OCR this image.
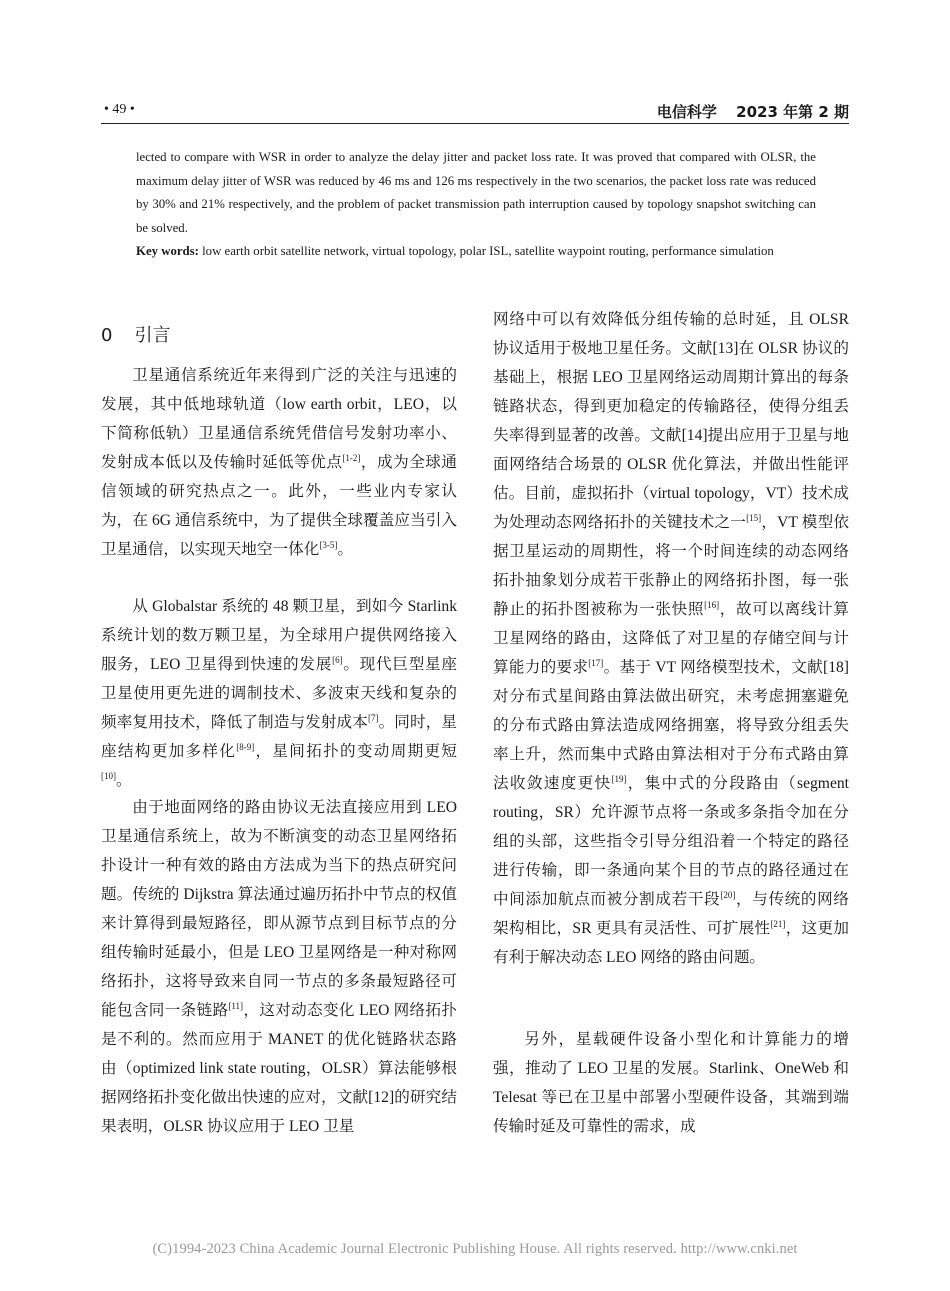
• 49 •	电信科学 2023 年第 2 期

lected to compare with WSR in order to analyze the delay jitter and packet loss rate. It was proved that compared with OLSR, the maximum delay jitter of WSR was reduced by 46 ms and 126 ms respectively in the two scenarios, the packet loss rate was reduced by 30% and 21% respectively, and the problem of packet transmission path interruption caused by topology snapshot switching can be solved.

Key words: low earth orbit satellite network, virtual topology, polar ISL, satellite waypoint routing, performance simulation

0 引言

卫星通信系统近年来得到广泛的关注与迅速的发展，其中低地球轨道（low earth orbit，LEO，以下简称低轨）卫星通信系统凭借信号发射功率小、发射成本低以及传输时延低等优点[1-2]，成为全球通信领域的研究热点之一。此外，一些业内专家认为，在 6G 通信系统中，为了提供全球覆盖应当引入卫星通信，以实现天地空一体化[3-5]。

从 Globalstar 系统的 48 颗卫星，到如今 Starlink 系统计划的数万颗卫星，为全球用户提供网络接入服务，LEO 卫星得到快速的发展[6]。现代巨型星座卫星使用更先进的调制技术、多波束天线和复杂的频率复用技术，降低了制造与发射成本[7]。同时，星座结构更加多样化[8-9]，星间拓扑的变动周期更短[10]。

由于地面网络的路由协议无法直接应用到 LEO 卫星通信系统上，故为不断演变的动态卫星网络拓扑设计一种有效的路由方法成为当下的热点研究问题。传统的 Dijkstra 算法通过遍历拓扑中节点的权值来计算得到最短路径，即从源节点到目标节点的分组传输时延最小，但是 LEO 卫星网络是一种对称网络拓扑，这将导致来自同一节点的多条最短路径可能包含同一条链路[11]，这对动态变化 LEO 网络拓扑是不利的。然而应用于 MANET 的优化链路状态路由（optimized link state routing，OLSR）算法能够根据网络拓扑变化做出快速的应对，文献[12]的研究结果表明，OLSR 协议应用于 LEO 卫星

网络中可以有效降低分组传输的总时延，且 OLSR 协议适用于极地卫星任务。文献[13]在 OLSR 协议的基础上，根据 LEO 卫星网络运动周期计算出的每条链路状态，得到更加稳定的传输路径，使得分组丢失率得到显著的改善。文献[14]提出应用于卫星与地面网络结合场景的 OLSR 优化算法，并做出性能评估。目前，虚拟拓扑（virtual topology，VT）技术成为处理动态网络拓扑的关键技术之一[15]，VT 模型依据卫星运动的周期性，将一个时间连续的动态网络拓扑抽象划分成若干张静止的网络拓扑图，每一张静止的拓扑图被称为一张快照[16]，故可以离线计算卫星网络的路由，这降低了对卫星的存储空间与计算能力的要求[17]。基于 VT 网络模型技术，文献[18]对分布式星间路由算法做出研究，未考虑拥塞避免的分布式路由算法造成网络拥塞，将导致分组丢失率上升，然而集中式路由算法相对于分布式路由算法收敛速度更快[19]，集中式的分段路由（segment routing，SR）允许源节点将一条或多条指令加在分组的头部，这些指令引导分组沿着一个特定的路径进行传输，即一条通向某个目的节点的路径通过在中间添加航点而被分割成若干段[20]，与传统的网络架构相比，SR 更具有灵活性、可扩展性[21]，这更加有利于解决动态 LEO 网络的路由问题。

另外，星载硬件设备小型化和计算能力的增强，推动了 LEO 卫星的发展。Starlink、OneWeb 和 Telesat 等已在卫星中部署小型硬件设备，其端到端传输时延及可靠性的需求，成

(C)1994-2023 China Academic Journal Electronic Publishing House. All rights reserved. http://www.cnki.net
